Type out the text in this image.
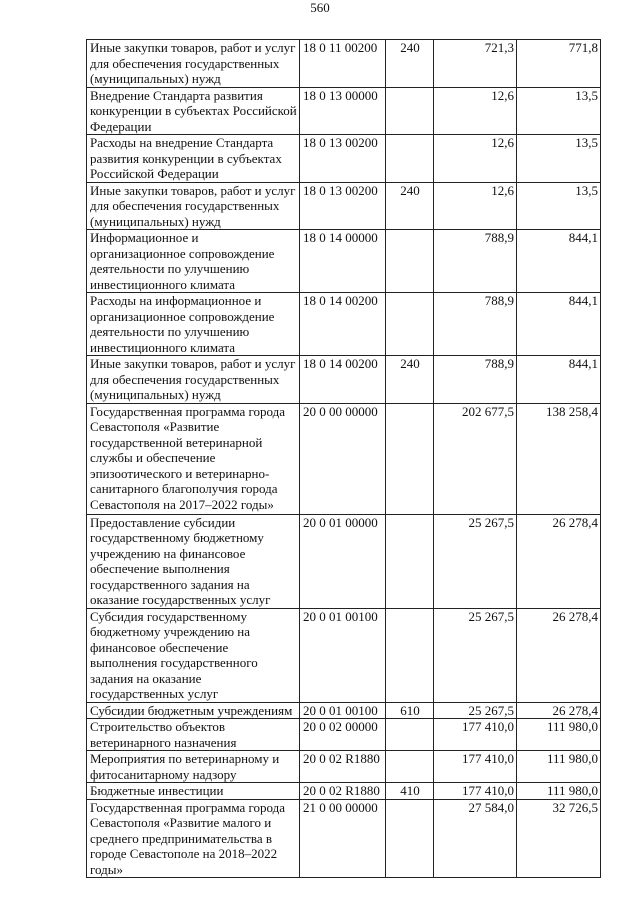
560
Иные закупки товаров, работ и услуг для обеспечения государственных (муниципальных) нужд	18 0 11 00200	240	721,3	771,8
Внедрение Стандарта развития конкуренции в субъектах Российской Федерации	18 0 13 00000		12,6	13,5
Расходы на внедрение Стандарта развития конкуренции в субъектах Российской Федерации	18 0 13 00200		12,6	13,5
Иные закупки товаров, работ и услуг для обеспечения государственных (муниципальных) нужд	18 0 13 00200	240	12,6	13,5
Информационное и организационное сопровождение деятельности по улучшению инвестиционного климата	18 0 14 00000		788,9	844,1
Расходы на информационное и организационное сопровождение деятельности по улучшению инвестиционного климата	18 0 14 00200		788,9	844,1
Иные закупки товаров, работ и услуг для обеспечения государственных (муниципальных) нужд	18 0 14 00200	240	788,9	844,1
Государственная программа города Севастополя «Развитие государственной ветеринарной службы и обеспечение эпизоотического и ветеринарно-санитарного благополучия города Севастополя на 2017–2022 годы»	20 0 00 00000		202 677,5	138 258,4
Предоставление субсидии государственному бюджетному учреждению на финансовое обеспечение выполнения государственного задания на оказание государственных услуг	20 0 01 00000		25 267,5	26 278,4
Субсидия государственному бюджетному учреждению на финансовое обеспечение выполнения государственного задания на оказание государственных услуг	20 0 01 00100		25 267,5	26 278,4
Субсидии бюджетным учреждениям	20 0 01 00100	610	25 267,5	26 278,4
Строительство объектов ветеринарного назначения	20 0 02 00000		177 410,0	111 980,0
Мероприятия по ветеринарному и фитосанитарному надзору	20 0 02 R1880		177 410,0	111 980,0
Бюджетные инвестиции	20 0 02 R1880	410	177 410,0	111 980,0
Государственная программа города Севастополя «Развитие малого и среднего предпринимательства в городе Севастополе на 2018–2022 годы»	21 0 00 00000		27 584,0	32 726,5
